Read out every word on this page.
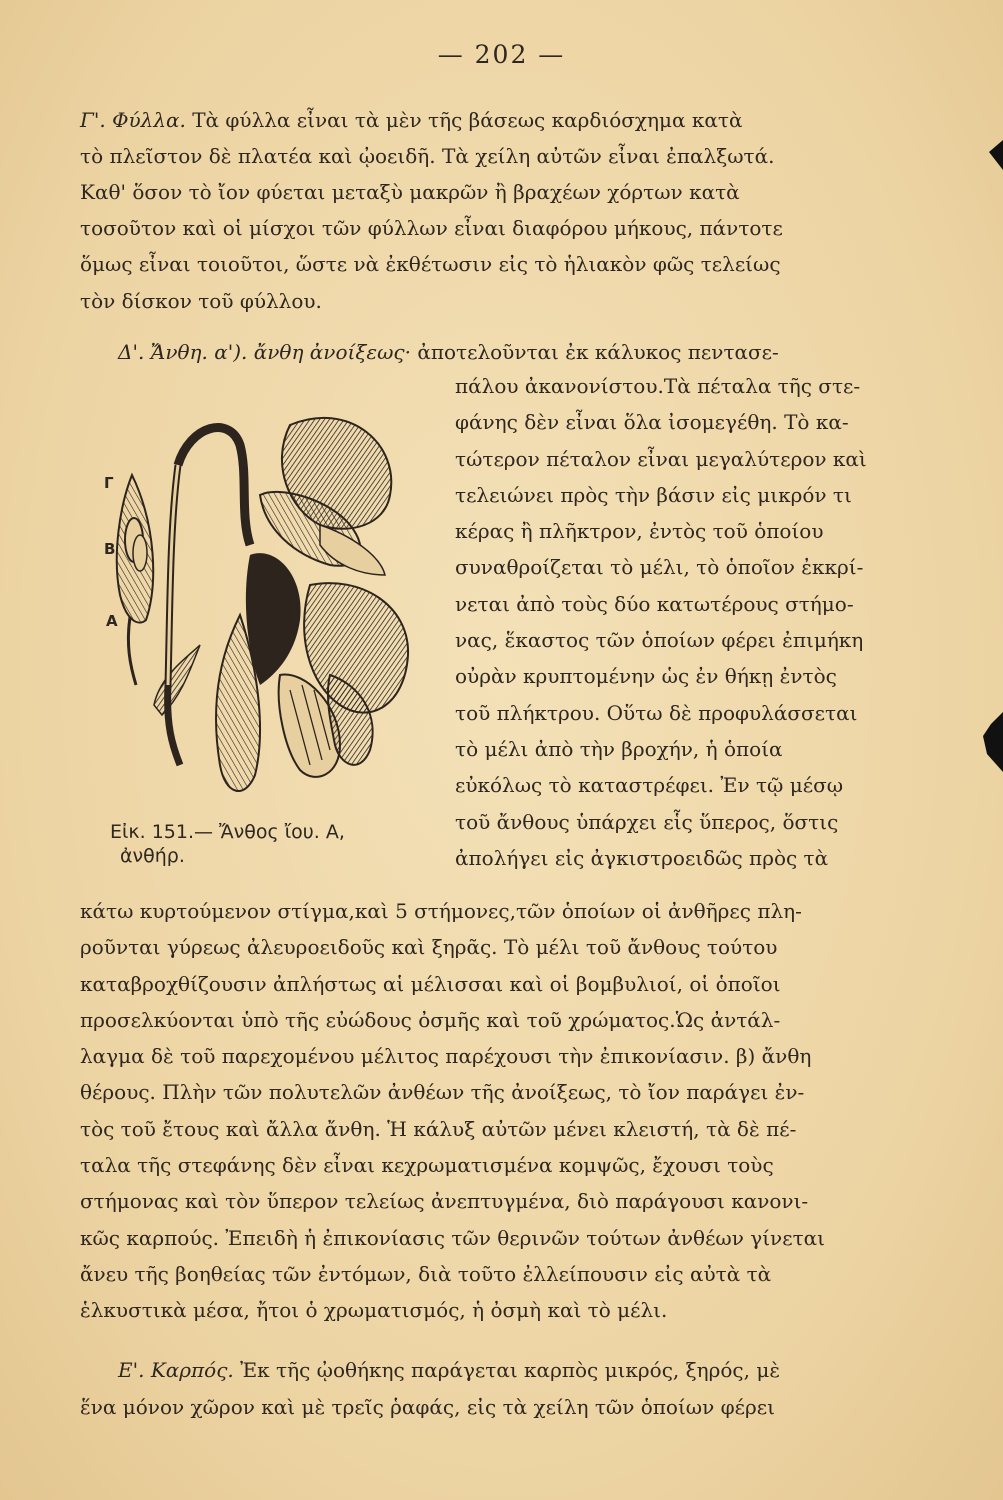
— 202 —
Γ'. Φύλλα. Τὰ φύλλα εἶναι τὰ μὲν τῆς βάσεως καρδιόσχημα κατὰ
τὸ πλεῖστον δὲ πλατέα καὶ ᾠοειδῆ. Τὰ χείλη αὐτῶν εἶναι ἐπαλξωτά.
Καθ' ὅσον τὸ ἴον φύεται μεταξὺ μακρῶν ἢ βραχέων χόρτων κατὰ
τοσοῦτον καὶ οἱ μίσχοι τῶν φύλλων εἶναι διαφόρου μήκους, πάντοτε
ὅμως εἶναι τοιοῦτοι, ὥστε νὰ ἐκθέτωσιν εἰς τὸ ἡλιακὸν φῶς τελείως
τὸν δίσκον τοῦ φύλλου.
Δ'. Ἄνθη. α'). ἄνθη ἀνοίξεως· ἀποτελοῦνται ἐκ κάλυκος πεντασε-
πάλου ἀκανονίστου.Τὰ πέταλα τῆς στε-
φάνης δὲν εἶναι ὅλα ἰσομεγέθη. Τὸ κα-
τώτερον πέταλον εἶναι μεγαλύτερον καὶ
τελειώνει πρὸς τὴν βάσιν εἰς μικρόν τι
κέρας ἢ πλῆκτρον, ἐντὸς τοῦ ὁποίου
συναθροίζεται τὸ μέλι, τὸ ὁποῖον ἐκκρί-
νεται ἀπὸ τοὺς δύο κατωτέρους στήμο-
νας, ἕκαστος τῶν ὁποίων φέρει ἐπιμήκη
οὐρὰν κρυπτομένην ὡς ἐν θήκῃ ἐντὸς
τοῦ πλήκτρου. Οὕτω δὲ προφυλάσσεται
τὸ μέλι ἀπὸ τὴν βροχήν, ἡ ὁποία
εὐκόλως τὸ καταστρέφει. Ἐν τῷ μέσῳ
τοῦ ἄνθους ὑπάρχει εἷς ὕπερος, ὅστις
ἀπολήγει εἰς ἀγκιστροειδῶς πρὸς τὰ
Γ
Β
Α
Εἰκ. 151.— Ἄνθος ἴου. Α,
ἀνθήρ.
κάτω κυρτούμενον στίγμα,καὶ 5 στήμονες,τῶν ὁποίων οἱ ἀνθῆρες πλη-
ροῦνται γύρεως ἀλευροειδοῦς καὶ ξηρᾶς. Τὸ μέλι τοῦ ἄνθους τούτου
καταβροχθίζουσιν ἀπλήστως αἱ μέλισσαι καὶ οἱ βομβυλιοί, οἱ ὁποῖοι
προσελκύονται ὑπὸ τῆς εὐώδους ὀσμῆς καὶ τοῦ χρώματος.Ὡς ἀντάλ-
λαγμα δὲ τοῦ παρεχομένου μέλιτος παρέχουσι τὴν ἐπικονίασιν. β) ἄνθη
θέρους. Πλὴν τῶν πολυτελῶν ἀνθέων τῆς ἀνοίξεως, τὸ ἴον παράγει ἐν-
τὸς τοῦ ἔτους καὶ ἄλλα ἄνθη. Ἡ κάλυξ αὐτῶν μένει κλειστή, τὰ δὲ πέ-
ταλα τῆς στεφάνης δὲν εἶναι κεχρωματισμένα κομψῶς, ἔχουσι τοὺς
στήμονας καὶ τὸν ὕπερον τελείως ἀνεπτυγμένα, διὸ παράγουσι κανονι-
κῶς καρπούς. Ἐπειδὴ ἡ ἐπικονίασις τῶν θερινῶν τούτων ἀνθέων γίνεται
ἄνευ τῆς βοηθείας τῶν ἐντόμων, διὰ τοῦτο ἐλλείπουσιν εἰς αὐτὰ τὰ
ἑλκυστικὰ μέσα, ἤτοι ὁ χρωματισμός, ἡ ὀσμὴ καὶ τὸ μέλι.
Ε'. Καρπός. Ἐκ τῆς ᾠοθήκης παράγεται καρπὸς μικρός, ξηρός, μὲ
ἕνα μόνον χῶρον καὶ μὲ τρεῖς ῥαφάς, εἰς τὰ χείλη τῶν ὁποίων φέρει
